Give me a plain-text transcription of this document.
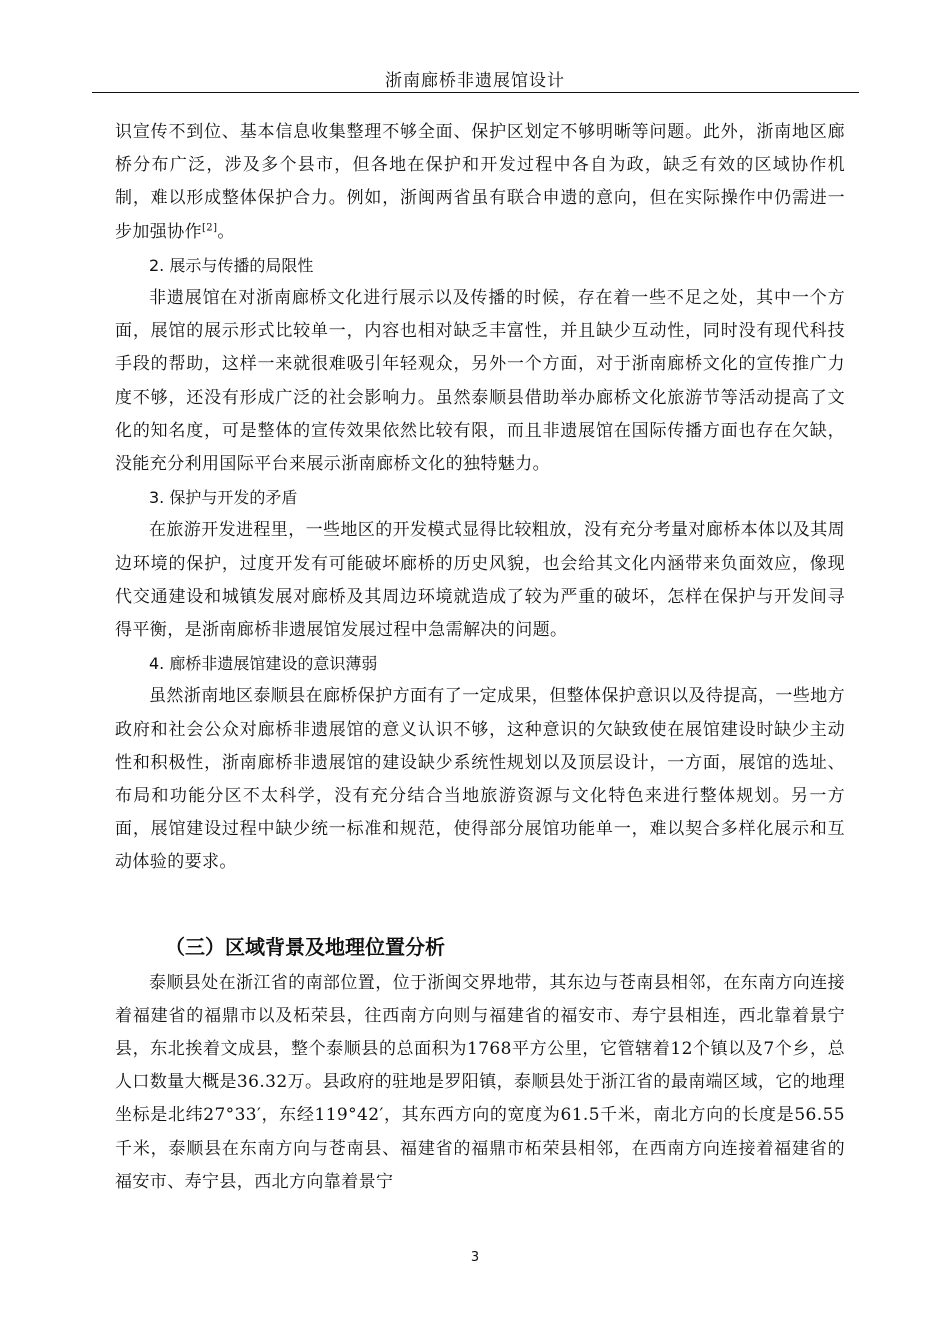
浙南廊桥非遗展馆设计

识宣传不到位、基本信息收集整理不够全面、保护区划定不够明晰等问题。此外，浙南地区廊桥分布广泛，涉及多个县市，但各地在保护和开发过程中各自为政，缺乏有效的区域协作机制，难以形成整体保护合力。例如，浙闽两省虽有联合申遗的意向，但在实际操作中仍需进一步加强协作[2]。

2. 展示与传播的局限性

非遗展馆在对浙南廊桥文化进行展示以及传播的时候，存在着一些不足之处，其中一个方面，展馆的展示形式比较单一，内容也相对缺乏丰富性，并且缺少互动性，同时没有现代科技手段的帮助，这样一来就很难吸引年轻观众，另外一个方面，对于浙南廊桥文化的宣传推广力度不够，还没有形成广泛的社会影响力。虽然泰顺县借助举办廊桥文化旅游节等活动提高了文化的知名度，可是整体的宣传效果依然比较有限，而且非遗展馆在国际传播方面也存在欠缺，没能充分利用国际平台来展示浙南廊桥文化的独特魅力。

3. 保护与开发的矛盾

在旅游开发进程里，一些地区的开发模式显得比较粗放，没有充分考量对廊桥本体以及其周边环境的保护，过度开发有可能破坏廊桥的历史风貌，也会给其文化内涵带来负面效应，像现代交通建设和城镇发展对廊桥及其周边环境就造成了较为严重的破坏，怎样在保护与开发间寻得平衡，是浙南廊桥非遗展馆发展过程中急需解决的问题。

4. 廊桥非遗展馆建设的意识薄弱

虽然浙南地区泰顺县在廊桥保护方面有了一定成果，但整体保护意识以及待提高，一些地方政府和社会公众对廊桥非遗展馆的意义认识不够，这种意识的欠缺致使在展馆建设时缺少主动性和积极性，浙南廊桥非遗展馆的建设缺少系统性规划以及顶层设计，一方面，展馆的选址、布局和功能分区不太科学，没有充分结合当地旅游资源与文化特色来进行整体规划。另一方面，展馆建设过程中缺少统一标准和规范，使得部分展馆功能单一，难以契合多样化展示和互动体验的要求。

（三）区域背景及地理位置分析

泰顺县处在浙江省的南部位置，位于浙闽交界地带，其东边与苍南县相邻，在东南方向连接着福建省的福鼎市以及柘荣县，往西南方向则与福建省的福安市、寿宁县相连，西北靠着景宁县，东北挨着文成县，整个泰顺县的总面积为1768平方公里，它管辖着12个镇以及7个乡，总人口数量大概是36.32万。县政府的驻地是罗阳镇，泰顺县处于浙江省的最南端区域，它的地理坐标是北纬27°33′，东经119°42′，其东西方向的宽度为61.5千米，南北方向的长度是56.55千米，泰顺县在东南方向与苍南县、福建省的福鼎市柘荣县相邻，在西南方向连接着福建省的福安市、寿宁县，西北方向靠着景宁

3
